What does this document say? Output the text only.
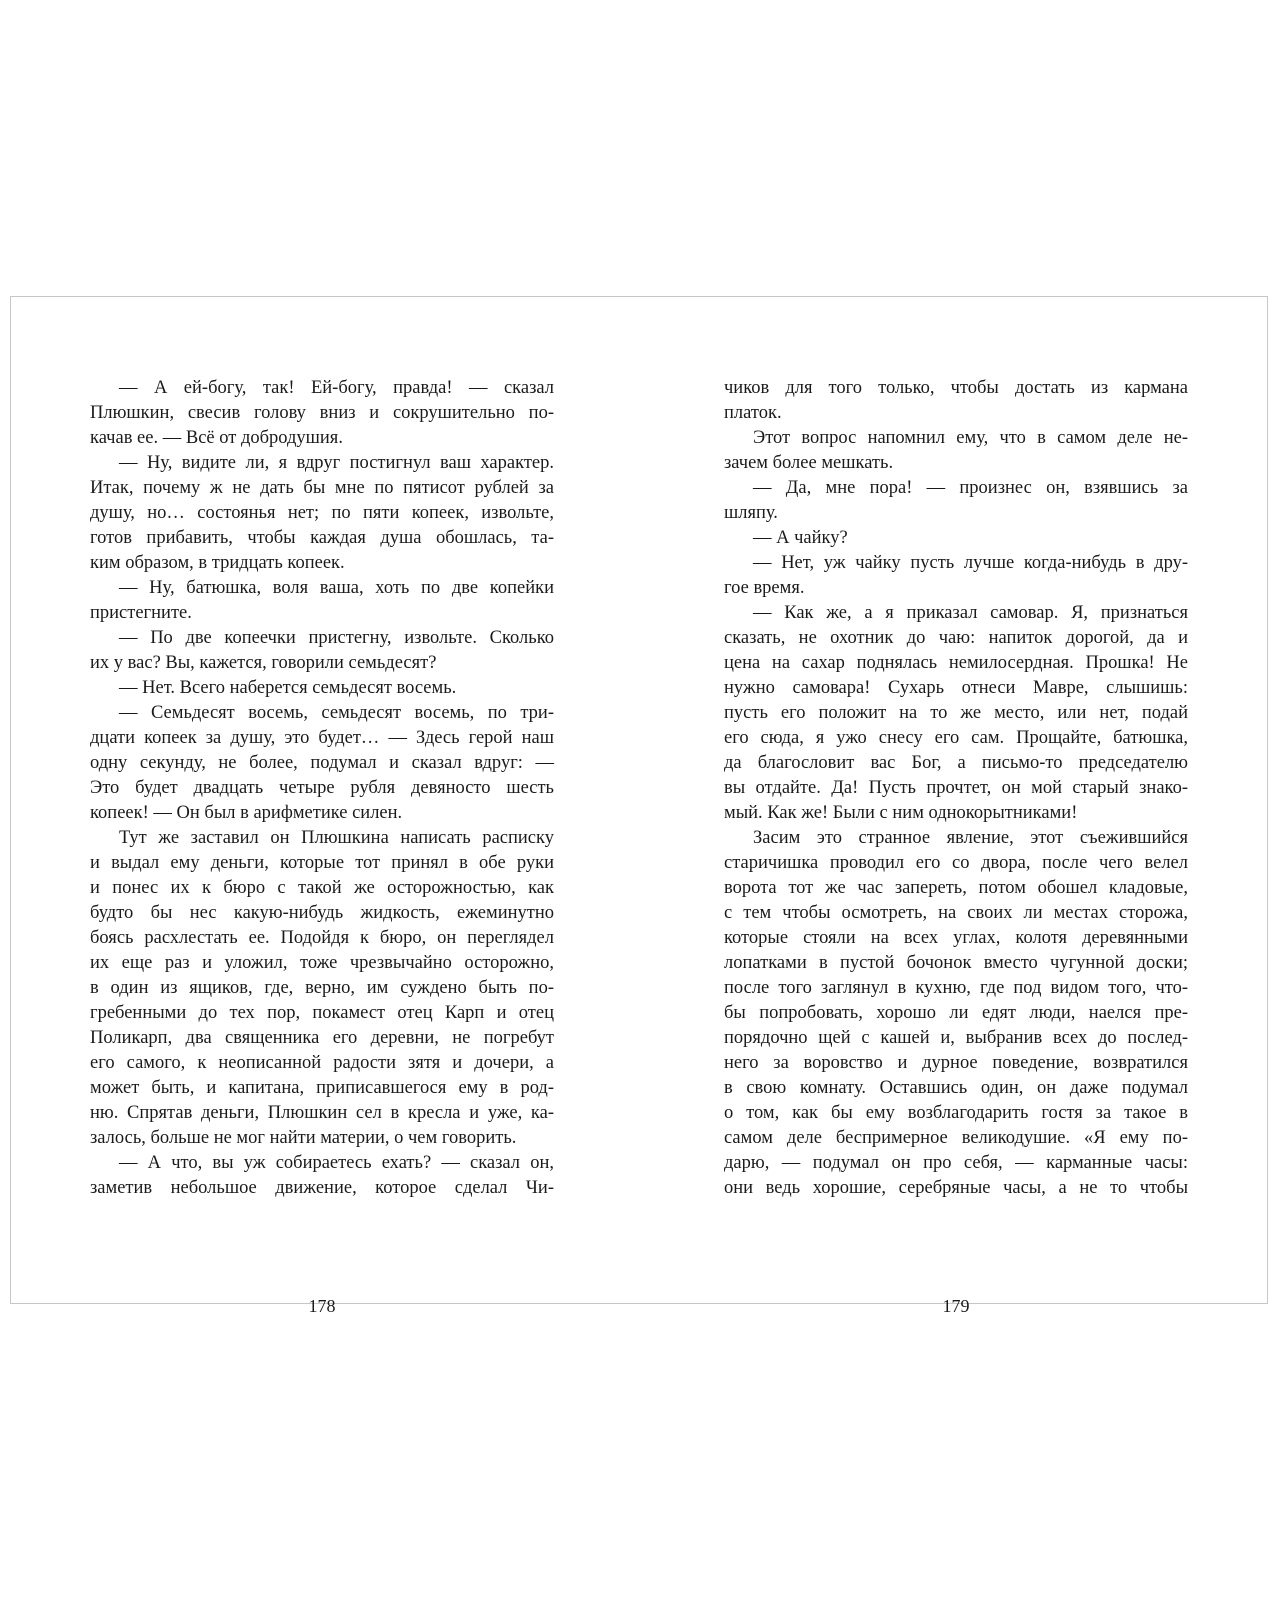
— А ей-богу, так! Ей-богу, правда! — сказал
Плюшкин, свесив голову вниз и сокрушительно по-
качав ее. — Всё от добродушия.
— Ну, видите ли, я вдруг постигнул ваш характер.
Итак, почему ж не дать бы мне по пятисот рублей за
душу, но… состоянья нет; по пяти копеек, извольте,
готов прибавить, чтобы каждая душа обошлась, та-
ким образом, в тридцать копеек.
— Ну, батюшка, воля ваша, хоть по две копейки
пристегните.
— По две копеечки пристегну, извольте. Сколько
их у вас? Вы, кажется, говорили семьдесят?
— Нет. Всего наберется семьдесят восемь.
— Семьдесят восемь, семьдесят восемь, по три-
дцати копеек за душу, это будет… — Здесь герой наш
одну секунду, не более, подумал и сказал вдруг: —
Это будет двадцать четыре рубля девяносто шесть
копеек! — Он был в арифметике силен.
Тут же заставил он Плюшкина написать расписку
и выдал ему деньги, которые тот принял в обе руки
и понес их к бюро с такой же осторожностью, как
будто бы нес какую-нибудь жидкость, ежеминутно
боясь расхлестать ее. Подойдя к бюро, он переглядел
их еще раз и уложил, тоже чрезвычайно осторожно,
в один из ящиков, где, верно, им суждено быть по-
гребенными до тех пор, покамест отец Карп и отец
Поликарп, два священника его деревни, не погребут
его самого, к неописанной радости зятя и дочери, а
может быть, и капитана, приписавшегося ему в род-
ню. Спрятав деньги, Плюшкин сел в кресла и уже, ка-
залось, больше не мог найти материи, о чем говорить.
— А что, вы уж собираетесь ехать? — сказал он,
заметив небольшое движение, которое сделал Чи-
178
чиков для того только, чтобы достать из кармана
платок.
Этот вопрос напомнил ему, что в самом деле не-
зачем более мешкать.
— Да, мне пора! — произнес он, взявшись за
шляпу.
— А чайку?
— Нет, уж чайку пусть лучше когда-нибудь в дру-
гое время.
— Как же, а я приказал самовар. Я, признаться
сказать, не охотник до чаю: напиток дорогой, да и
цена на сахар поднялась немилосердная. Прошка! Не
нужно самовара! Сухарь отнеси Мавре, слышишь:
пусть его положит на то же место, или нет, подай
его сюда, я ужо снесу его сам. Прощайте, батюшка,
да благословит вас Бог, а письмо-то председателю
вы отдайте. Да! Пусть прочтет, он мой старый знако-
мый. Как же! Были с ним однокорытниками!
Засим это странное явление, этот съежившийся
старичишка проводил его со двора, после чего велел
ворота тот же час запереть, потом обошел кладовые,
с тем чтобы осмотреть, на своих ли местах сторожа,
которые стояли на всех углах, колотя деревянными
лопатками в пустой бочонок вместо чугунной доски;
после того заглянул в кухню, где под видом того, что-
бы попробовать, хорошо ли едят люди, наелся пре-
порядочно щей с кашей и, выбранив всех до послед-
него за воровство и дурное поведение, возвратился
в свою комнату. Оставшись один, он даже подумал
о том, как бы ему возблагодарить гостя за такое в
самом деле беспримерное великодушие. «Я ему по-
дарю, — подумал он про себя, — карманные часы:
они ведь хорошие, серебряные часы, а не то чтобы
179
